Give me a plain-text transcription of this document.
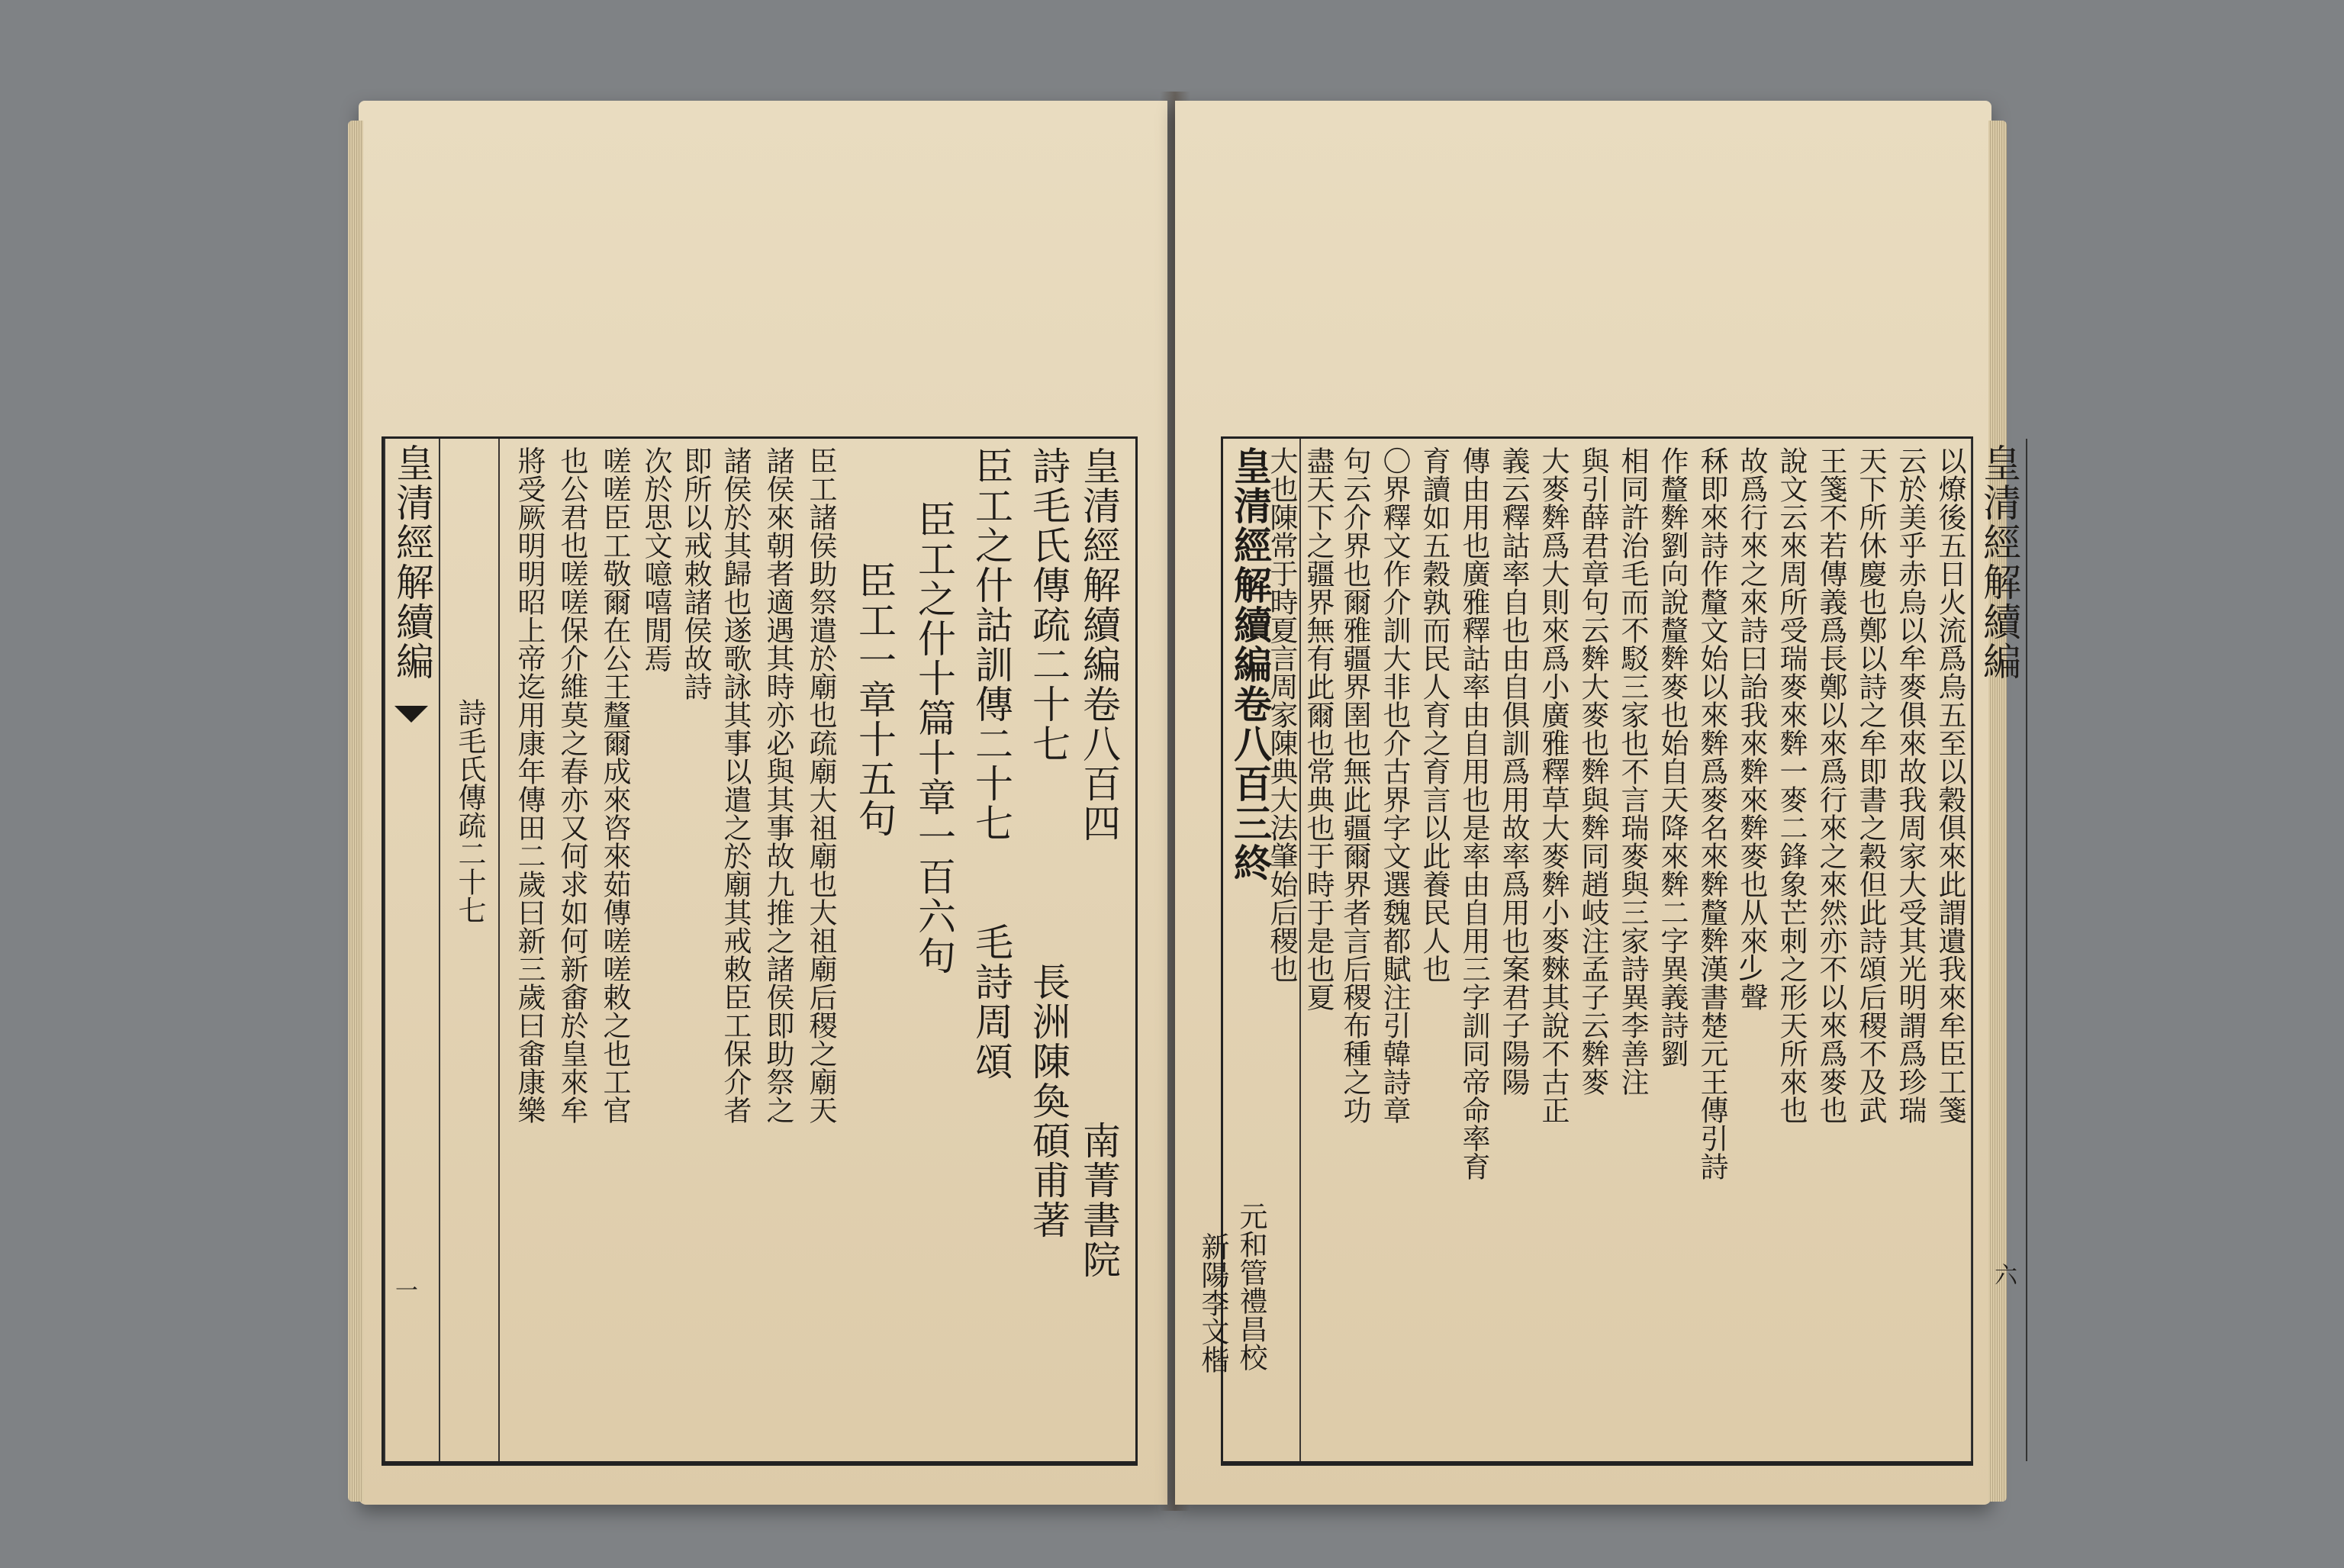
皇清經解續編
詩毛氏傳疏二十七
一
皇清經解續編卷八百四　　　　　　　南菁書院
詩毛氏傳疏二十七　　　　　長洲陳奐碩甫著
臣工之什詁訓傳二十七　　毛詩周頌
臣工之什十篇十章一百六句
臣工一章十五句
臣工諸侯助祭遣於廟也疏廟大祖廟也大祖廟后稷之廟天
諸侯來朝者適遇其時亦必與其事故九推之諸侯即助祭之
諸侯於其歸也遂歌詠其事以遣之於廟其戒敕臣工保介者
即所以戒敕諸侯故詩
次於思文噫嘻閒焉
嗟嗟臣工敬爾在公王釐爾成來咨來茹傳嗟嗟敕之也工官
也公君也嗟嗟保介維莫之春亦又何求如何新畬於皇來牟
將受厥明明昭上帝迄用康年傳田二歲曰新三歲曰畬康樂	皇清經解續編
六
以燎後五日火流爲烏五至以穀俱來此謂遺我來牟臣工箋
云於美乎赤烏以牟麥俱來故我周家大受其光明謂爲珍瑞
天下所休慶也鄭以詩之牟即書之穀但此詩頌后稷不及武
王箋不若傳義爲長鄭以來爲行來之來然亦不以來爲麥也
說文云來周所受瑞麥來麰一麥二鋒象芒刺之形天所來也
故爲行來之來詩曰詒我來麰來麰麥也从來𣥂聲
秝即來詩作釐文始以來麰爲麥名來麰釐麰漢書楚元王傳引詩
作釐麰劉向說釐麰麥也始自天降來麰二字異義詩劉
相同許治毛而不駁三家也不言瑞麥與三家詩異李善注
與引薛君章句云麰大麥也麰與麰同趙岐注孟子云麰麥
大麥麰爲大則來爲小廣雅釋草大麥麰小麥麳其說不古正
義云釋詁率自也由自俱訓爲用故率爲用也案君子陽陽
傳由用也廣雅釋詁率由自用也是率由自用三字訓同帝命率育
育讀如五穀孰而民人育之育言以此養民人也
〇界釋文作介訓大非也介古界字文選魏都賦注引韓詩章
句云介界也爾雅疆界圉也無此疆爾界者言后稷布種之功
盡天下之疆界無有此爾也常典也于時于是也夏
大也陳常于時夏言周家陳典大法肇始后稷也
皇清經解續編卷八百三終
元和管禮昌校
新陽李文楷
